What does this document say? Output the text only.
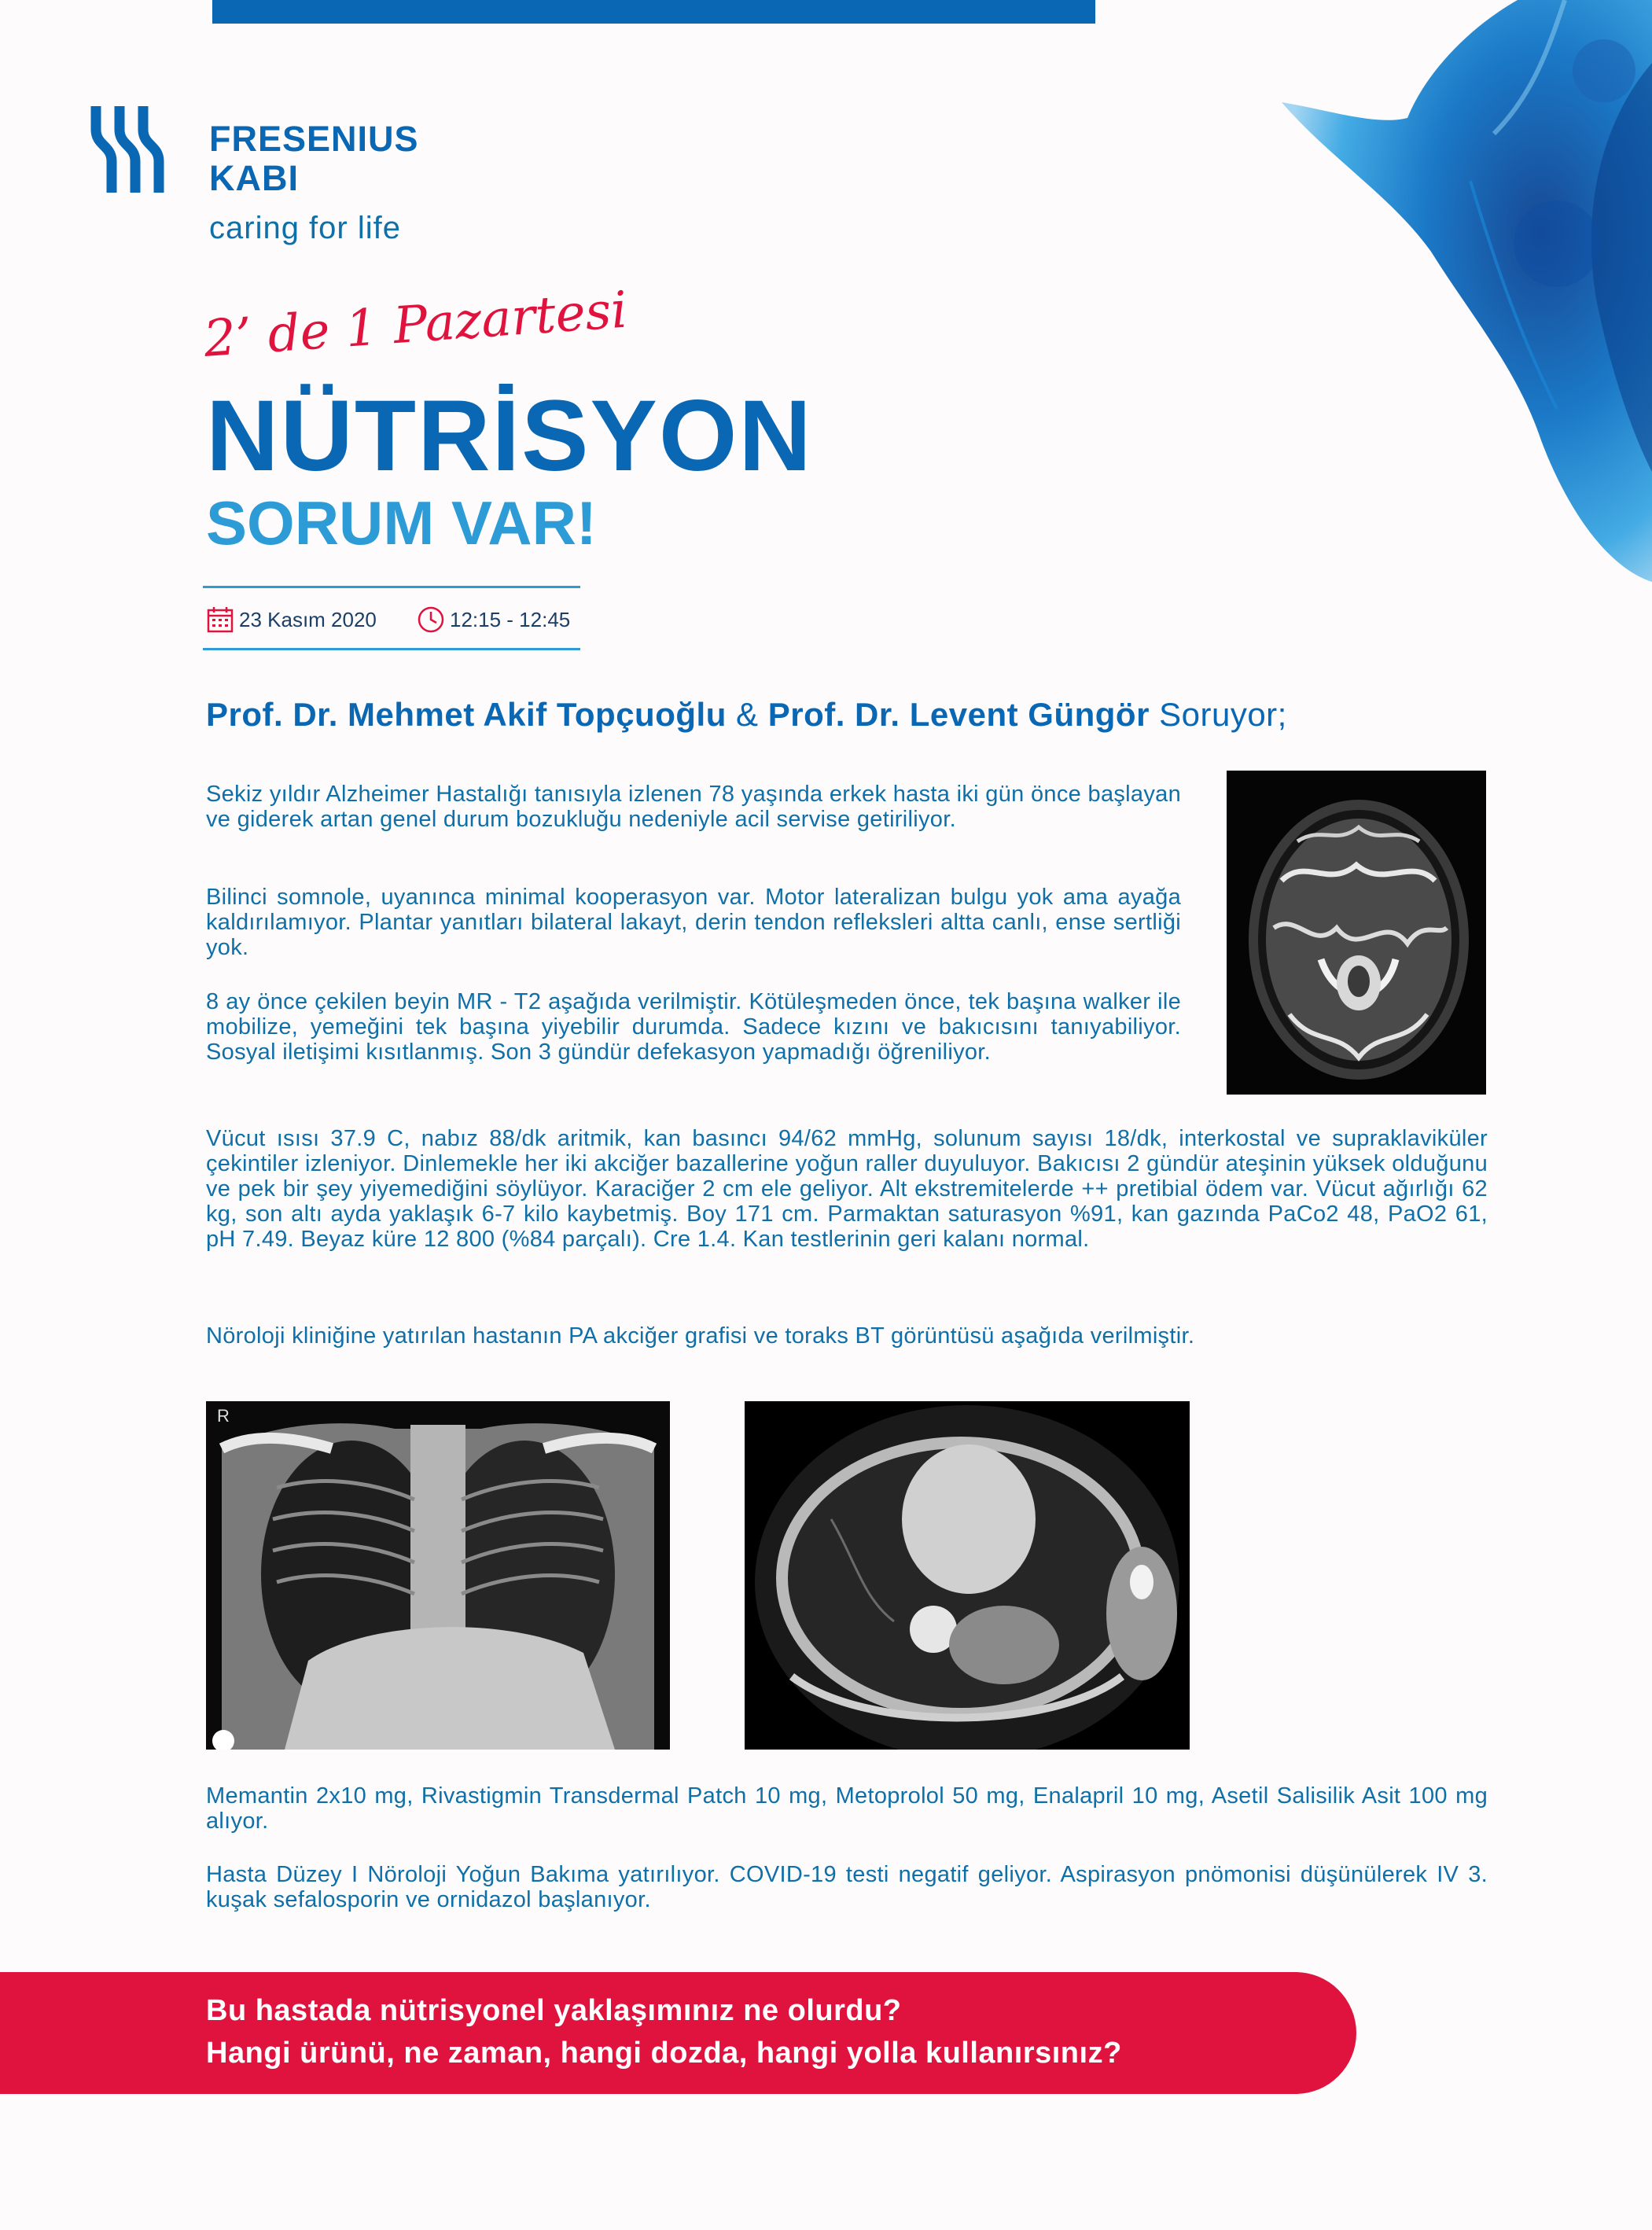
FRESENIUS
KABI
caring for life
2’ de 1 Pazartesi
NÜTRİSYON
SORUM VAR!
23 Kasım 2020	12:15 - 12:45
Prof. Dr. Mehmet Akif Topçuoğlu & Prof. Dr. Levent Güngör Soruyor;
Sekiz yıldır Alzheimer Hastalığı tanısıyla izlenen 78 yaşında erkek hasta iki gün önce başlayan ve giderek artan genel durum bozukluğu nedeniyle acil servise getiriliyor.
Bilinci somnole, uyanınca minimal kooperasyon var. Motor lateralizan bulgu yok ama ayağa kaldırılamıyor. Plantar yanıtları bilateral lakayt, derin tendon refleksleri altta canlı, ense sertliği yok.
8 ay önce çekilen beyin MR - T2 aşağıda verilmiştir. Kötüleşmeden önce, tek başına walker ile mobilize, yemeğini tek başına yiyebilir durumda. Sadece kızını ve bakıcısını tanıyabiliyor. Sosyal iletişimi kısıtlanmış. Son 3 gündür defekasyon yapmadığı öğreniliyor.
Vücut ısısı 37.9 C, nabız 88/dk aritmik, kan basıncı 94/62 mmHg, solunum sayısı 18/dk, interkostal ve supraklaviküler çekintiler izleniyor. Dinlemekle her iki akciğer bazallerine yoğun raller duyuluyor. Bakıcısı 2 gündür ateşinin yüksek olduğunu ve pek bir şey yiyemediğini söylüyor. Karaciğer 2 cm ele geliyor. Alt ekstremitelerde ++ pretibial ödem var. Vücut ağırlığı 62 kg, son altı ayda yaklaşık 6-7 kilo kaybetmiş. Boy 171 cm. Parmaktan saturasyon %91, kan gazında PaCo2 48, PaO2 61, pH 7.49. Beyaz küre 12 800 (%84 parçalı). Cre 1.4. Kan testlerinin geri kalanı normal.
Nöroloji kliniğine yatırılan hastanın PA akciğer grafisi ve toraks BT görüntüsü aşağıda verilmiştir.
R
Memantin 2x10 mg, Rivastigmin Transdermal Patch 10 mg, Metoprolol 50 mg, Enalapril 10 mg, Asetil Salisilik Asit 100 mg alıyor.
Hasta Düzey I Nöroloji Yoğun Bakıma yatırılıyor. COVID-19 testi negatif geliyor. Aspirasyon pnömonisi düşünülerek IV 3. kuşak sefalosporin ve ornidazol başlanıyor.
Bu hastada nütrisyonel yaklaşımınız ne olurdu?
Hangi ürünü, ne zaman, hangi dozda, hangi yolla kullanırsınız?
